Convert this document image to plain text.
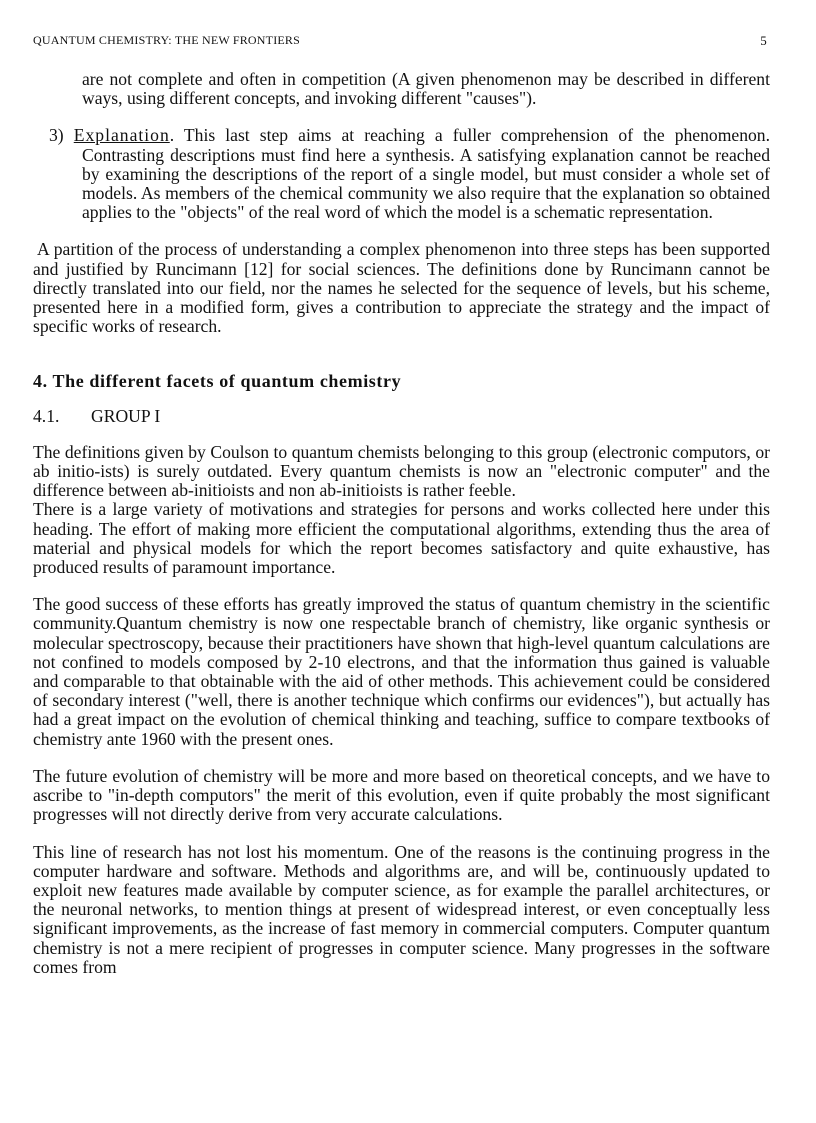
QUANTUM CHEMISTRY: THE NEW FRONTIERS	5

are not complete and often in competition (A given phenomenon may be described in different ways, using different concepts, and invoking different "causes").

3) Explanation. This last step aims at reaching a fuller comprehension of the phenomenon. Contrasting descriptions must find here a synthesis. A satisfying explanation cannot be reached by examining the descriptions of the report of a single model, but must consider a whole set of models. As members of the chemical community we also require that the explanation so obtained applies to the "objects" of the real word of which the model is a schematic representation.

A partition of the process of understanding a complex phenomenon into three steps has been supported and justified by Runcimann [12] for social sciences. The definitions done by Runcimann cannot be directly translated into our field, nor the names he selected for the sequence of levels, but his scheme, presented here in a modified form, gives a contribution to appreciate the strategy and the impact of specific works of research.

4. The different facets of quantum chemistry

4.1. GROUP I

The definitions given by Coulson to quantum chemists belonging to this group (electronic computors, or ab initio-ists) is surely outdated. Every quantum chemists is now an "electronic computer" and the difference between ab-initioists and non ab-initioists is rather feeble.

There is a large variety of motivations and strategies for persons and works collected here under this heading. The effort of making more efficient the computational algorithms, extending thus the area of material and physical models for which the report becomes satisfactory and quite exhaustive, has produced results of paramount importance.

The good success of these efforts has greatly improved the status of quantum chemistry in the scientific community.Quantum chemistry is now one respectable branch of chemistry, like organic synthesis or molecular spectroscopy, because their practitioners have shown that high-level quantum calculations are not confined to models composed by 2-10 electrons, and that the information thus gained is valuable and comparable to that obtainable with the aid of other methods. This achievement could be considered of secondary interest ("well, there is another technique which confirms our evidences"), but actually has had a great impact on the evolution of chemical thinking and teaching, suffice to compare textbooks of chemistry ante 1960 with the present ones.

The future evolution of chemistry will be more and more based on theoretical concepts, and we have to ascribe to "in-depth computors" the merit of this evolution, even if quite probably the most significant progresses will not directly derive from very accurate calculations.

This line of research has not lost his momentum. One of the reasons is the continuing progress in the computer hardware and software. Methods and algorithms are, and will be, continuously updated to exploit new features made available by computer science, as for example the parallel architectures, or the neuronal networks, to mention things at present of widespread interest, or even conceptually less significant improvements, as the increase of fast memory in commercial computers. Computer quantum chemistry is not a mere recipient of progresses in computer science. Many progresses in the software comes from
